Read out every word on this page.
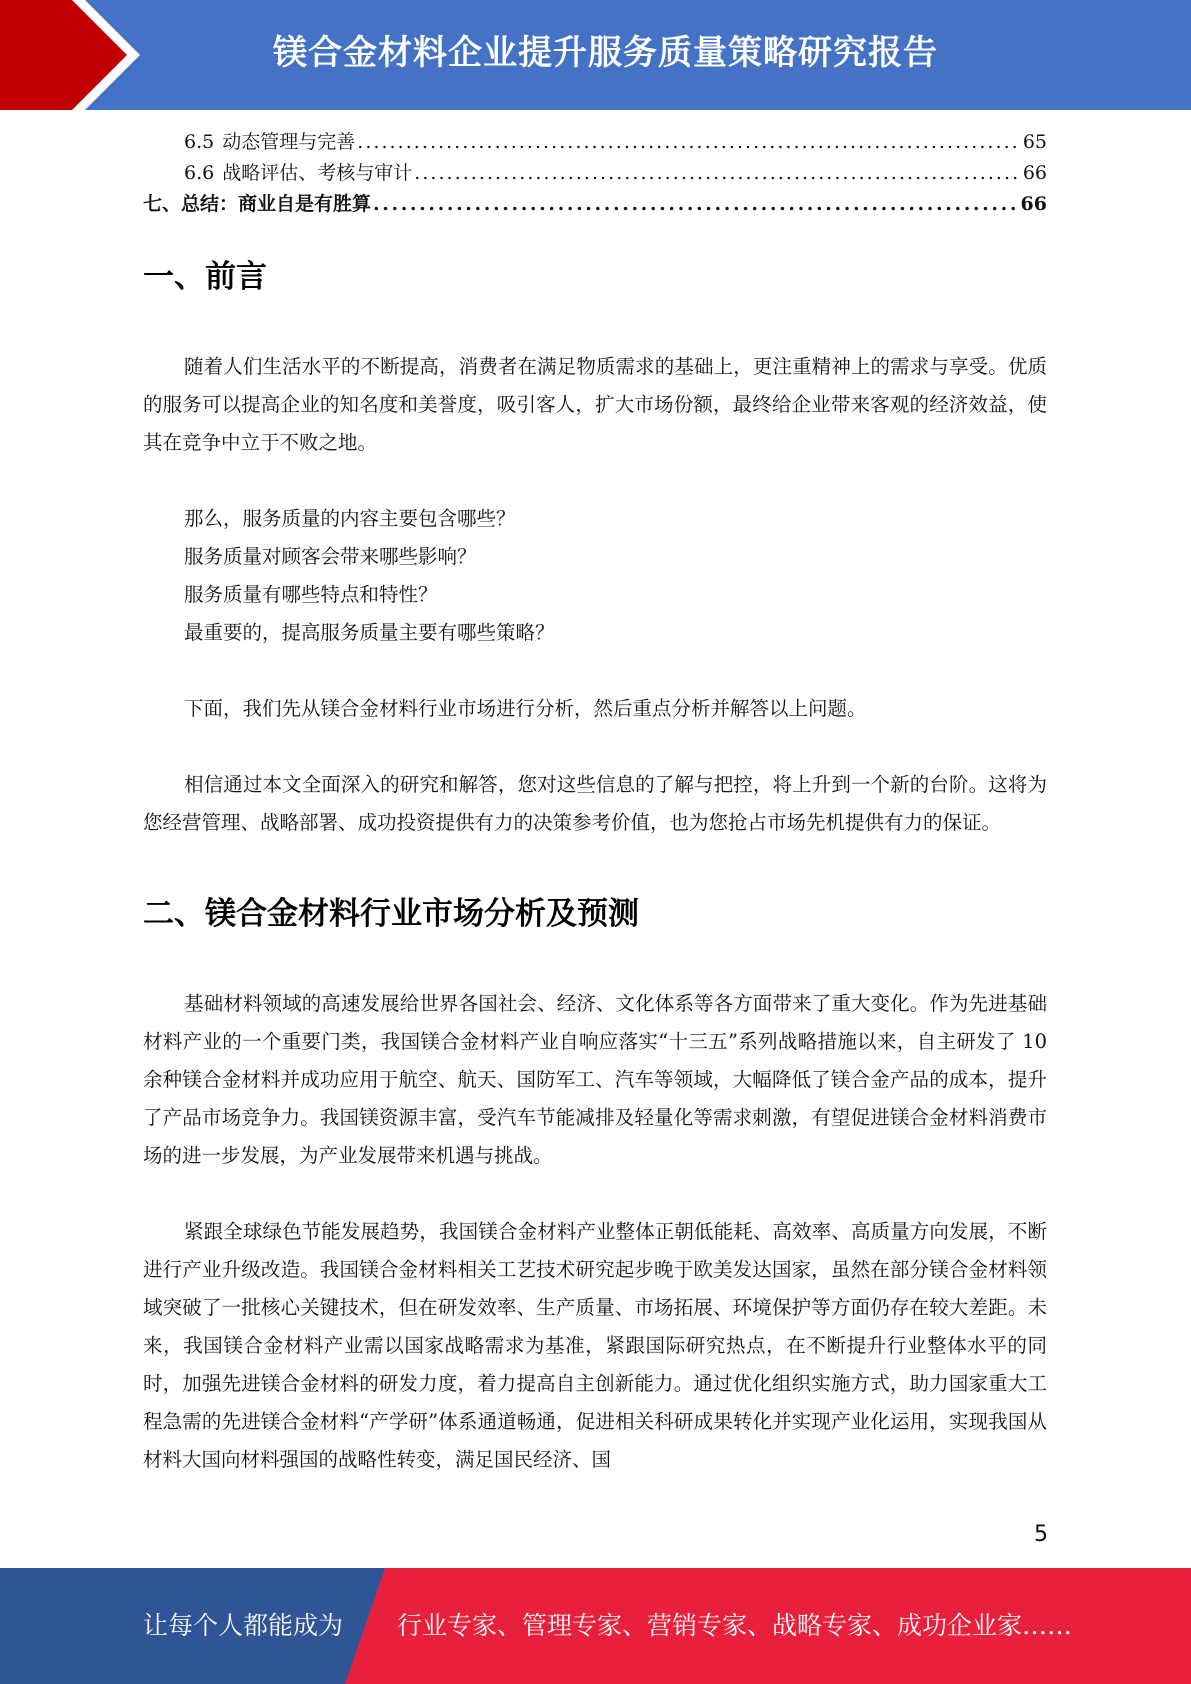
镁合金材料企业提升服务质量策略研究报告
6.5 动态管理与完善 . . .	65
6.6 战略评估、考核与审计 . . .	66
七、总结：商业自是有胜算 . . .	66
一、前言

随着人们生活水平的不断提高，消费者在满足物质需求的基础上，更注重精神上的需求与享受。优质的服务可以提高企业的知名度和美誉度，吸引客人，扩大市场份额，最终给企业带来客观的经济效益，使其在竞争中立于不败之地。

那么，服务质量的内容主要包含哪些？

服务质量对顾客会带来哪些影响？

服务质量有哪些特点和特性？

最重要的，提高服务质量主要有哪些策略？

下面，我们先从镁合金材料行业市场进行分析，然后重点分析并解答以上问题。

相信通过本文全面深入的研究和解答，您对这些信息的了解与把控，将上升到一个新的台阶。这将为您经营管理、战略部署、成功投资提供有力的决策参考价值，也为您抢占市场先机提供有力的保证。

二、镁合金材料行业市场分析及预测

基础材料领域的高速发展给世界各国社会、经济、文化体系等各方面带来了重大变化。作为先进基础材料产业的一个重要门类，我国镁合金材料产业自响应落实“十三五”系列战略措施以来，自主研发了 10 余种镁合金材料并成功应用于航空、航天、国防军工、汽车等领域，大幅降低了镁合金产品的成本，提升了产品市场竞争力。我国镁资源丰富，受汽车节能减排及轻量化等需求刺激，有望促进镁合金材料消费市场的进一步发展，为产业发展带来机遇与挑战。

紧跟全球绿色节能发展趋势，我国镁合金材料产业整体正朝低能耗、高效率、高质量方向发展，不断进行产业升级改造。我国镁合金材料相关工艺技术研究起步晚于欧美发达国家，虽然在部分镁合金材料领域突破了一批核心关键技术，但在研发效率、生产质量、市场拓展、环境保护等方面仍存在较大差距。未来，我国镁合金材料产业需以国家战略需求为基准，紧跟国际研究热点，在不断提升行业整体水平的同时，加强先进镁合金材料的研发力度，着力提高自主创新能力。通过优化组织实施方式，助力国家重大工程急需的先进镁合金材料“产学研”体系通道畅通，促进相关科研成果转化并实现产业化运用，实现我国从材料大国向材料强国的战略性转变，满足国民经济、国

5
让每个人都能成为 行业专家、管理专家、营销专家、战略专家、成功企业家……
